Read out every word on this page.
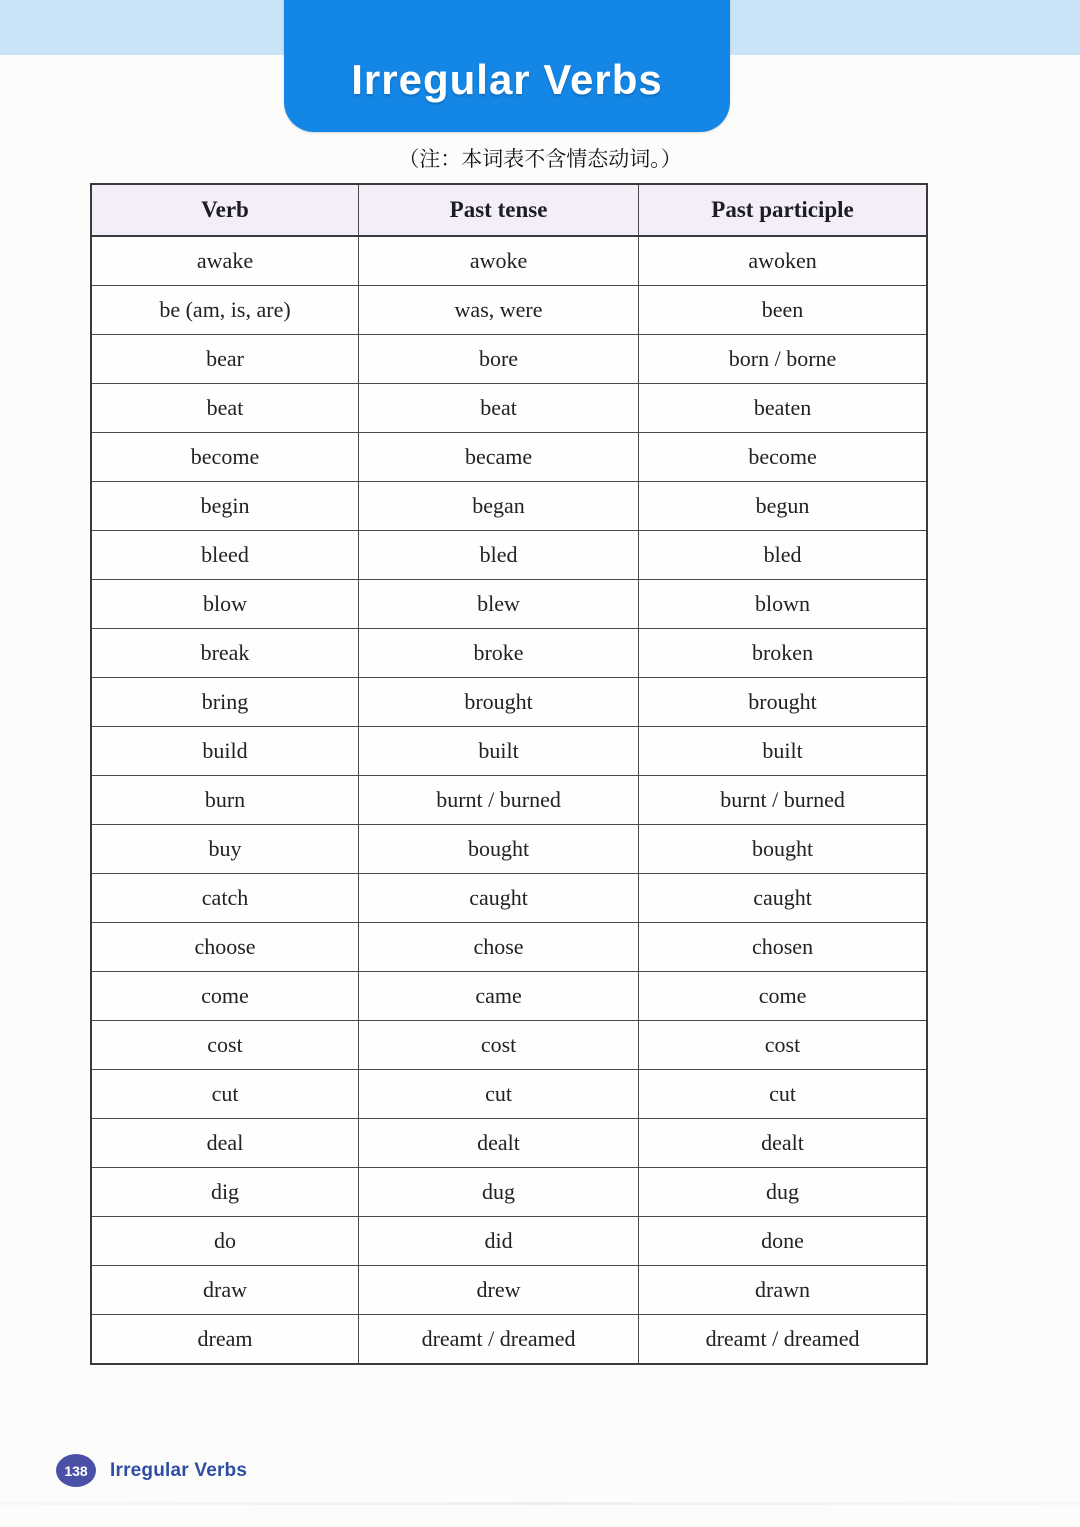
Irregular Verbs
（注：本词表不含情态动词。）
Verb	Past tense	Past participle
awake	awoke	awoken
be (am, is, are)	was, were	been
bear	bore	born / borne
beat	beat	beaten
become	became	become
begin	began	begun
bleed	bled	bled
blow	blew	blown
break	broke	broken
bring	brought	brought
build	built	built
burn	burnt / burned	burnt / burned
buy	bought	bought
catch	caught	caught
choose	chose	chosen
come	came	come
cost	cost	cost
cut	cut	cut
deal	dealt	dealt
dig	dug	dug
do	did	done
draw	drew	drawn
dream	dreamt / dreamed	dreamt / dreamed
138 Irregular Verbs
